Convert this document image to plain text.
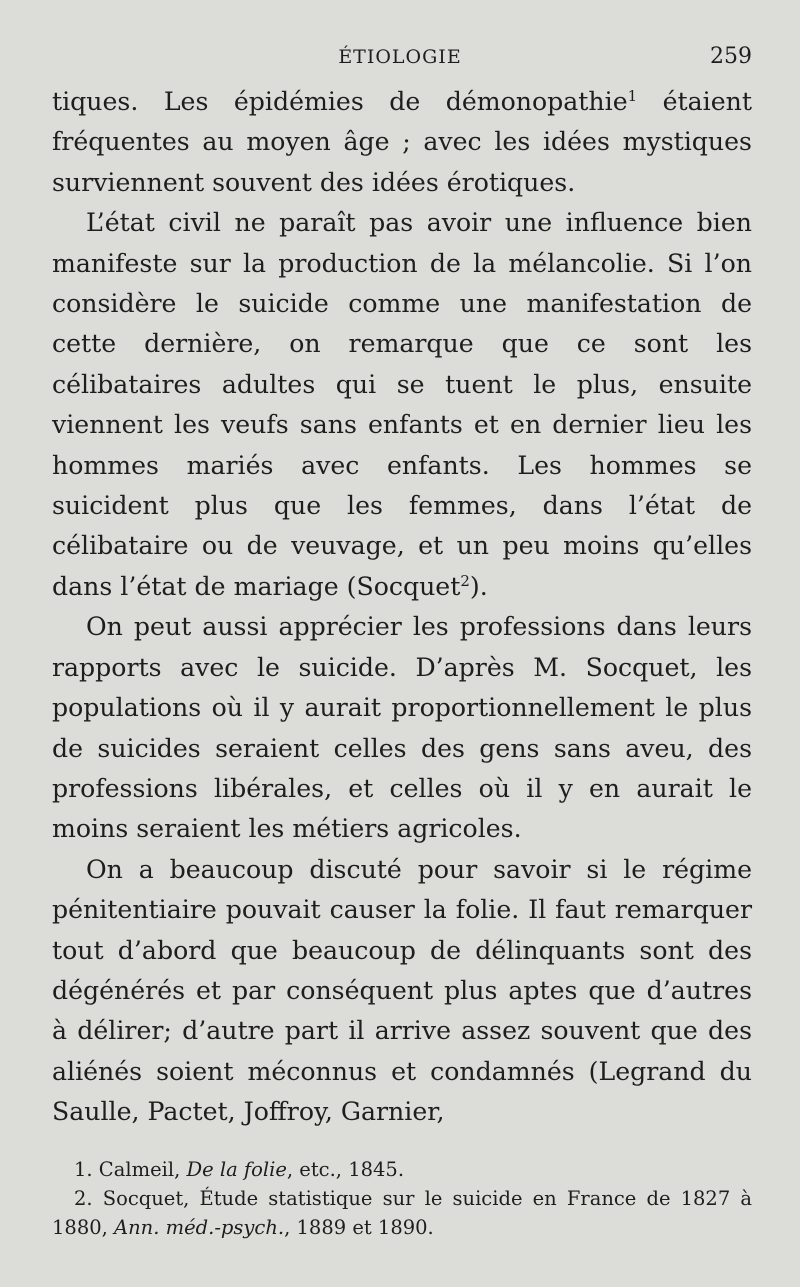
ÉTIOLOGIE	259

tiques. Les épidémies de démonopathie$^1$ étaient fréquentes au moyen âge ; avec les idées mystiques surviennent souvent des idées érotiques.

L’état civil ne paraît pas avoir une influence bien manifeste sur la production de la mélancolie. Si l’on considère le suicide comme une manifestation de cette dernière, on remarque que ce sont les célibataires adultes qui se tuent le plus, ensuite viennent les veufs sans enfants et en dernier lieu les hommes mariés avec enfants. Les hommes se suicident plus que les femmes, dans l’état de célibataire ou de veuvage, et un peu moins qu’elles dans l’état de mariage (Socquet$^2$).

On peut aussi apprécier les professions dans leurs rapports avec le suicide. D’après M. Socquet, les populations où il y aurait proportionnellement le plus de suicides seraient celles des gens sans aveu, des professions libérales, et celles où il y en aurait le moins seraient les métiers agricoles.

On a beaucoup discuté pour savoir si le régime pénitentiaire pouvait causer la folie. Il faut remarquer tout d’abord que beaucoup de délinquants sont des dégénérés et par conséquent plus aptes que d’autres à délirer; d’autre part il arrive assez souvent que des aliénés soient méconnus et condamnés (Legrand du Saulle, Pactet, Joffroy, Garnier,

1. Calmeil, De la folie, etc., 1845.

2. Socquet, Étude statistique sur le suicide en France de 1827 à 1880, Ann. méd.-psych., 1889 et 1890.
